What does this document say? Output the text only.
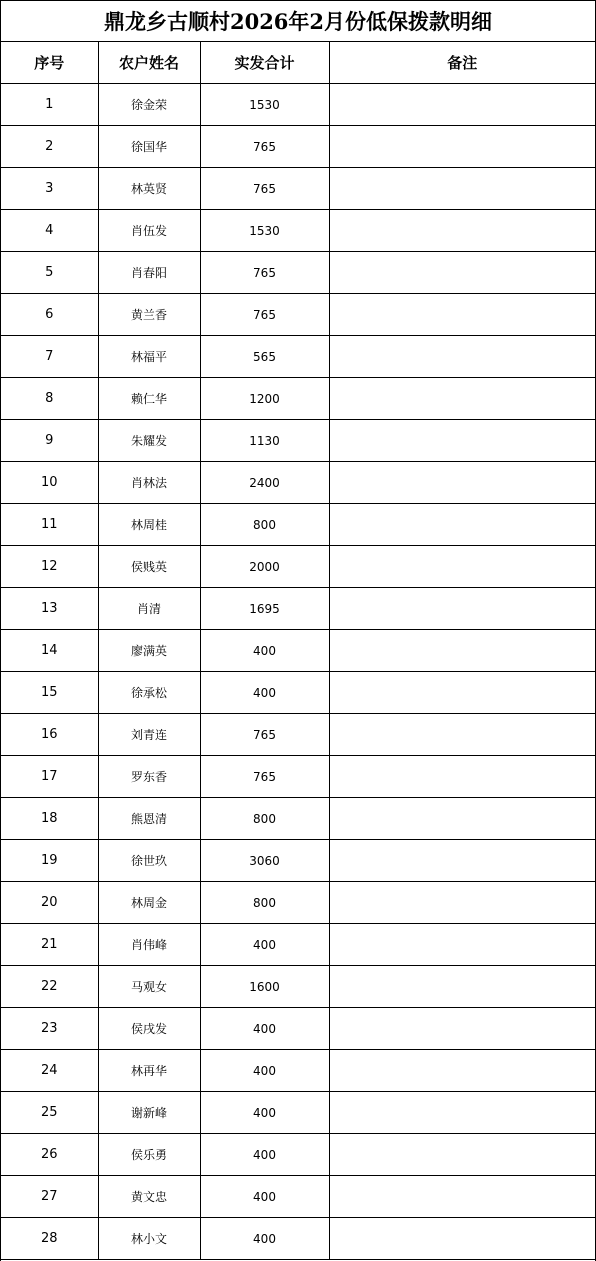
鼎龙乡古顺村2026年2月份低保拨款明细
序号	农户姓名	实发合计	备注
1	徐金荣	1530	
2	徐国华	765	
3	林英贤	765	
4	肖伍发	1530	
5	肖春阳	765	
6	黄兰香	765	
7	林福平	565	
8	赖仁华	1200	
9	朱耀发	1130	
10	肖林法	2400	
11	林周桂	800	
12	侯贱英	2000	
13	肖清	1695	
14	廖满英	400	
15	徐承松	400	
16	刘青连	765	
17	罗东香	765	
18	熊恩清	800	
19	徐世玖	3060	
20	林周金	800	
21	肖伟峰	400	
22	马观女	1600	
23	侯戌发	400	
24	林再华	400	
25	谢新峰	400	
26	侯乐勇	400	
27	黄文忠	400	
28	林小文	400	
